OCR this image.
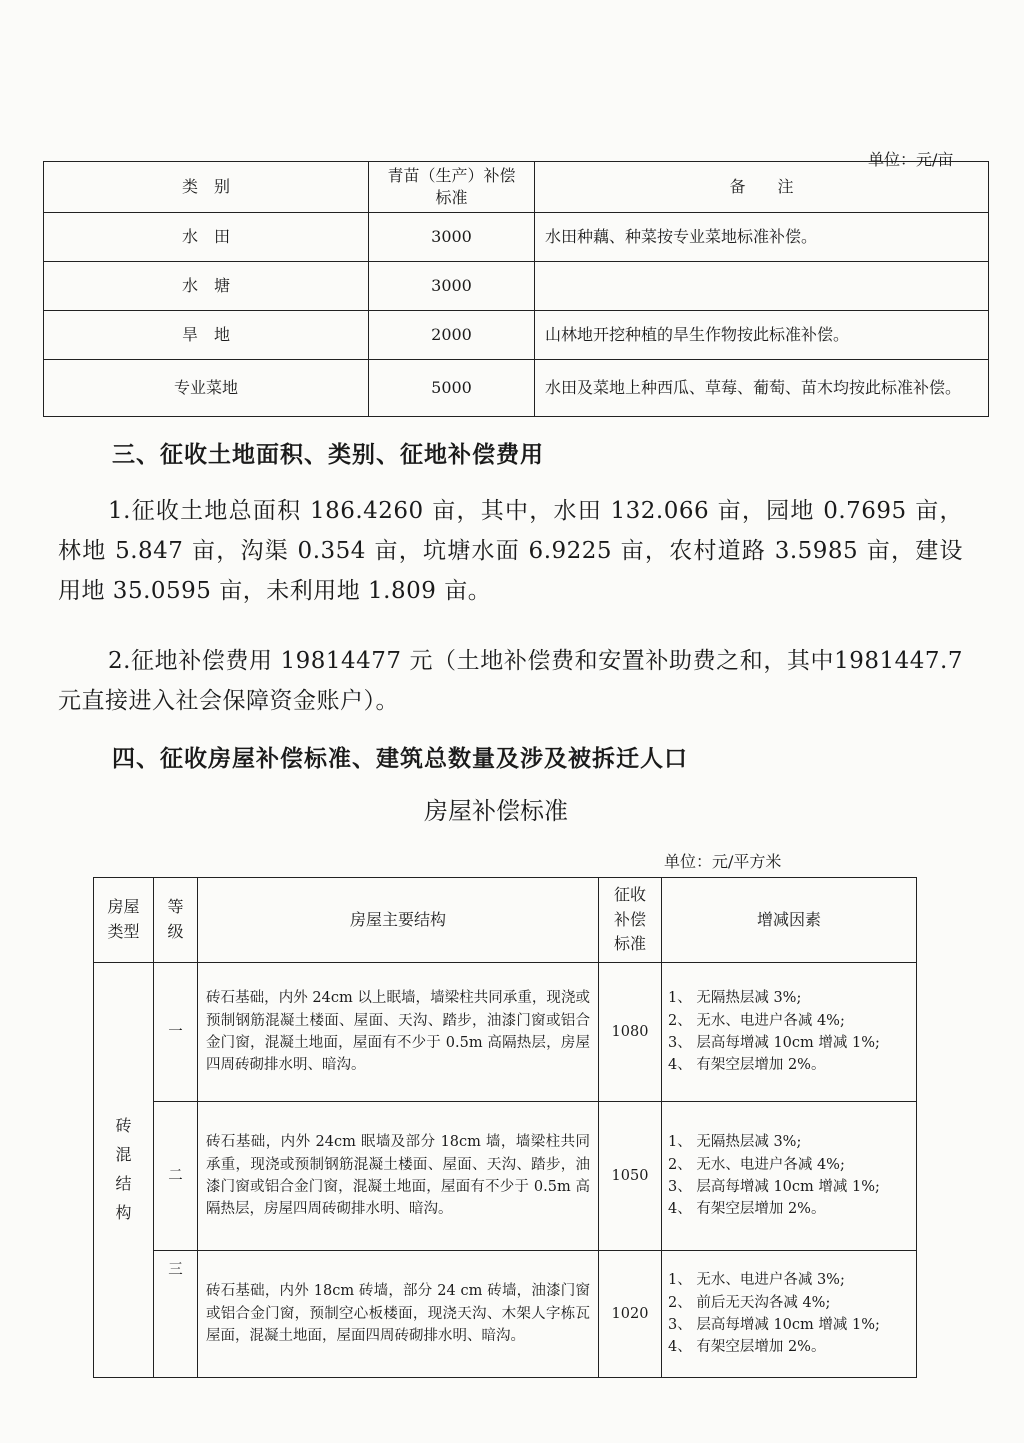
单位：元/亩
类　别	青苗（生产）补偿标准	备　　注
水　田	3000	水田种藕、种菜按专业菜地标准补偿。
水　塘	3000	
旱　地	2000	山林地开挖种植的旱生作物按此标准补偿。
专业菜地	5000	水田及菜地上种西瓜、草莓、葡萄、苗木均按此标准补偿。
三、征收土地面积、类别、征地补偿费用
1.征收土地总面积 186.4260 亩，其中，水田 132.066 亩，园地 0.7695 亩，林地 5.847 亩，沟渠 0.354 亩，坑塘水面 6.9225 亩，农村道路 3.5985 亩，建设用地 35.0595 亩，未利用地 1.809 亩。
2.征地补偿费用 19814477 元（土地补偿费和安置补助费之和，其中1981447.7 元直接进入社会保障资金账户）。
四、征收房屋补偿标准、建筑总数量及涉及被拆迁人口
房屋补偿标准
单位：元/平方米
房屋类型	等级	房屋主要结构	征收补偿标准	增减因素
砖混结构	一	砖石基础，内外 24cm 以上眠墙，墙梁柱共同承重，现浇或预制钢筋混凝土楼面、屋面、天沟、踏步，油漆门窗或铝合金门窗，混凝土地面，屋面有不少于 0.5m 高隔热层，房屋四周砖砌排水明、暗沟。	1080	1、 无隔热层减 3%;
2、 无水、电进户各减 4%;
3、 层高每增减 10cm 增减 1%;
4、 有架空层增加 2%。

	二	砖石基础，内外 24cm 眠墙及部分 18cm 墙，墙梁柱共同承重，现浇或预制钢筋混凝土楼面、屋面、天沟、踏步，油漆门窗或铝合金门窗，混凝土地面，屋面有不少于 0.5m 高隔热层，房屋四周砖砌排水明、暗沟。	1050	1、 无隔热层减 3%;
2、 无水、电进户各减 4%;
3、 层高每增减 10cm 增减 1%;
4、 有架空层增加 2%。

	三	砖石基础，内外 18cm 砖墙，部分 24 cm 砖墙，油漆门窗或铝合金门窗，预制空心板楼面，现浇天沟、木架人字栋瓦屋面，混凝土地面，屋面四周砖砌排水明、暗沟。	1020	1、 无水、电进户各减 3%;
2、 前后无天沟各减 4%;
3、 层高每增减 10cm 增减 1%;
4、 有架空层增加 2%。
